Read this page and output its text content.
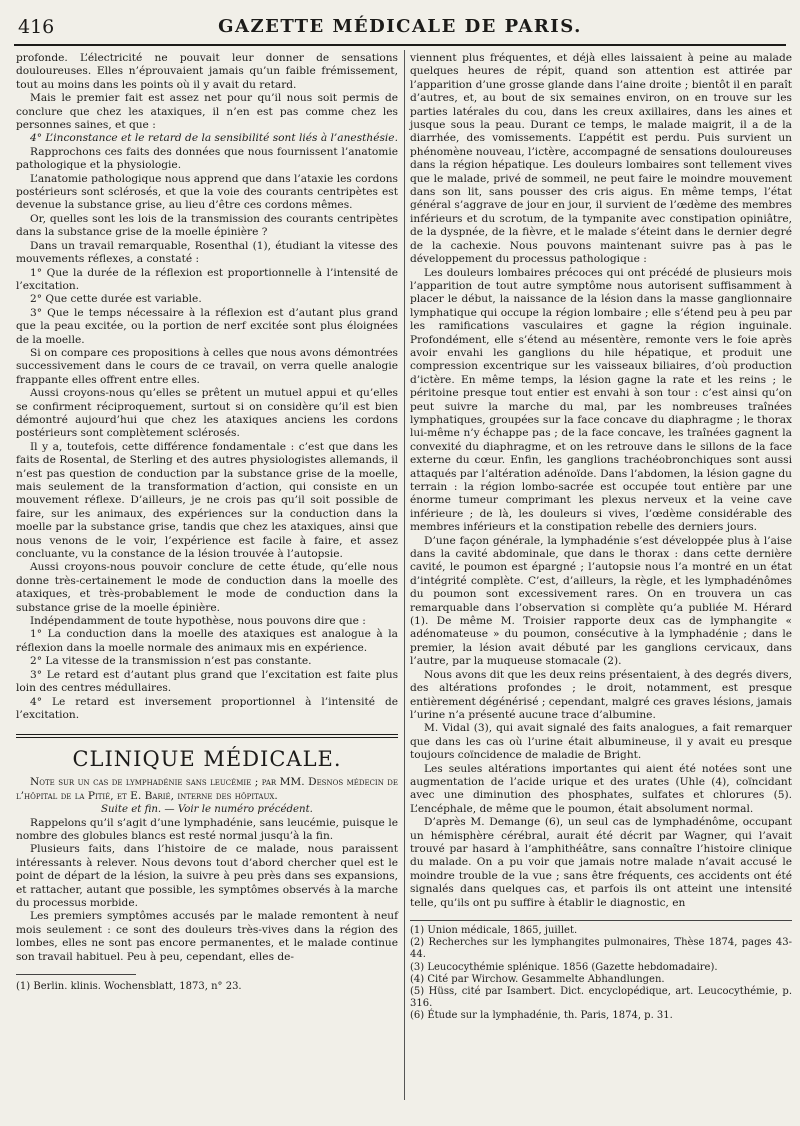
416	GAZETTE MÉDICALE DE PARIS.

profonde. L’électricité ne pouvait leur donner de sensations douloureuses. Elles n’éprouvaient jamais qu’un faible frémissement, tout au moins dans les points où il y avait du retard.

Mais le premier fait est assez net pour qu’il nous soit permis de conclure que chez les ataxiques, il n’en est pas comme chez les personnes saines, et que :

4° L’inconstance et le retard de la sensibilité sont liés à l’anesthésie.

Rapprochons ces faits des données que nous fournissent l’anatomie pathologique et la physiologie.

L’anatomie pathologique nous apprend que dans l’ataxie les cordons postérieurs sont sclérosés, et que la voie des courants centripètes est devenue la substance grise, au lieu d’être ces cordons mêmes.

Or, quelles sont les lois de la transmission des courants centripètes dans la substance grise de la moelle épinière ?

Dans un travail remarquable, Rosenthal (1), étudiant la vitesse des mouvements réflexes, a constaté :

1° Que la durée de la réflexion est proportionnelle à l’intensité de l’excitation.

2° Que cette durée est variable.

3° Que le temps nécessaire à la réflexion est d’autant plus grand que la peau excitée, ou la portion de nerf excitée sont plus éloignées de la moelle.

Si on compare ces propositions à celles que nous avons démontrées successivement dans le cours de ce travail, on verra quelle analogie frappante elles offrent entre elles.

Aussi croyons-nous qu’elles se prêtent un mutuel appui et qu’elles se confirment réciproquement, surtout si on considère qu’il est bien démontré aujourd’hui que chez les ataxiques anciens les cordons postérieurs sont complètement sclérosés.

Il y a, toutefois, cette différence fondamentale : c’est que dans les faits de Rosental, de Sterling et des autres physiologistes allemands, il n’est pas question de conduction par la substance grise de la moelle, mais seulement de la transformation d’action, qui consiste en un mouvement réflexe. D’ailleurs, je ne crois pas qu’il soit possible de faire, sur les animaux, des expériences sur la conduction dans la moelle par la substance grise, tandis que chez les ataxiques, ainsi que nous venons de le voir, l’expérience est facile à faire, et assez concluante, vu la constance de la lésion trouvée à l’autopsie.

Aussi croyons-nous pouvoir conclure de cette étude, qu’elle nous donne très-certainement le mode de conduction dans la moelle des ataxiques, et très-probablement le mode de conduction dans la substance grise de la moelle épinière.

Indépendamment de toute hypothèse, nous pouvons dire que :

1° La conduction dans la moelle des ataxiques est analogue à la réflexion dans la moelle normale des animaux mis en expérience.

2° La vitesse de la transmission n’est pas constante.

3° Le retard est d’autant plus grand que l’excitation est faite plus loin des centres médullaires.

4° Le retard est inversement proportionnel à l’intensité de l’excitation.

CLINIQUE MÉDICALE.

Note sur un cas de lymphadénie sans leucémie ; par MM. Desnos médecin de l’hôpital de la Pitié, et E. Barié, interne des hôpitaux.

Suite et fin. — Voir le numéro précédent.

Rappelons qu’il s’agit d’une lymphadénie, sans leucémie, puisque le nombre des globules blancs est resté normal jusqu’à la fin.

Plusieurs faits, dans l’histoire de ce malade, nous paraissent intéressants à relever. Nous devons tout d’abord chercher quel est le point de départ de la lésion, la suivre à peu près dans ses expansions, et rattacher, autant que possible, les symptômes observés à la marche du processus morbide.

Les premiers symptômes accusés par le malade remontent à neuf mois seulement : ce sont des douleurs très-vives dans la région des lombes, elles ne sont pas encore permanentes, et le malade continue son travail habituel. Peu à peu, cependant, elles de-

(1) Berlin. klinis. Wochensblatt, 1873, n° 23.

viennent plus fréquentes, et déjà elles laissaient à peine au malade quelques heures de répit, quand son attention est attirée par l’apparition d’une grosse glande dans l’aine droite ; bientôt il en paraît d’autres, et, au bout de six semaines environ, on en trouve sur les parties latérales du cou, dans les creux axillaires, dans les aines et jusque sous la peau. Durant ce temps, le malade maigrit, il a de la diarrhée, des vomissements. L’appétit est perdu. Puis survient un phénomène nouveau, l’ictère, accompagné de sensations douloureuses dans la région hépatique. Les douleurs lombaires sont tellement vives que le malade, privé de sommeil, ne peut faire le moindre mouvement dans son lit, sans pousser des cris aigus. En même temps, l’état général s’aggrave de jour en jour, il survient de l’œdème des membres inférieurs et du scrotum, de la tympanite avec constipation opiniâtre, de la dyspnée, de la fièvre, et le malade s’éteint dans le dernier degré de la cachexie. Nous pouvons maintenant suivre pas à pas le développement du processus pathologique :

Les douleurs lombaires précoces qui ont précédé de plusieurs mois l’apparition de tout autre symptôme nous autorisent suffisamment à placer le début, la naissance de la lésion dans la masse ganglionnaire lymphatique qui occupe la région lombaire ; elle s’étend peu à peu par les ramifications vasculaires et gagne la région inguinale. Profondément, elle s’étend au mésentère, remonte vers le foie après avoir envahi les ganglions du hile hépatique, et produit une compression excentrique sur les vaisseaux biliaires, d’où production d’ictère. En même temps, la lésion gagne la rate et les reins ; le péritoine presque tout entier est envahi à son tour : c’est ainsi qu’on peut suivre la marche du mal, par les nombreuses traînées lymphatiques, groupées sur la face concave du diaphragme ; le thorax lui-même n’y échappe pas ; de la face concave, les traînées gagnent la convexité du diaphragme, et on les retrouve dans le sillons de la face externe du cœur. Enfin, les ganglions trachéobronchiques sont aussi attaqués par l’altération adénoïde. Dans l’abdomen, la lésion gagne du terrain : la région lombo-sacrée est occupée tout entière par une énorme tumeur comprimant les plexus nerveux et la veine cave inférieure ; de là, les douleurs si vives, l’œdème considérable des membres inférieurs et la constipation rebelle des derniers jours.

D’une façon générale, la lymphadénie s’est développée plus à l’aise dans la cavité abdominale, que dans le thorax : dans cette dernière cavité, le poumon est épargné ; l’autopsie nous l’a montré en un état d’intégrité complète. C’est, d’ailleurs, la règle, et les lymphadénômes du poumon sont excessivement rares. On en trouvera un cas remarquable dans l’observation si complète qu’a publiée M. Hérard (1). De même M. Troisier rapporte deux cas de lymphangite « adénomateuse » du poumon, consécutive à la lymphadénie ; dans le premier, la lésion avait débuté par les ganglions cervicaux, dans l’autre, par la muqueuse stomacale (2).

Nous avons dit que les deux reins présentaient, à des degrés divers, des altérations profondes ; le droit, notamment, est presque entièrement dégénérisé ; cependant, malgré ces graves lésions, jamais l’urine n’a présenté aucune trace d’albumine.

M. Vidal (3), qui avait signalé des faits analogues, a fait remarquer que dans les cas où l’urine était albumineuse, il y avait eu presque toujours coïncidence de maladie de Bright.

Les seules altérations importantes qui aient été notées sont une augmentation de l’acide urique et des urates (Uhle (4), coïncidant avec une diminution des phosphates, sulfates et chlorures (5). L’encéphale, de même que le poumon, était absolument normal.

D’après M. Demange (6), un seul cas de lymphadénôme, occupant un hémisphère cérébral, aurait été décrit par Wagner, qui l’avait trouvé par hasard à l’amphithéâtre, sans connaître l’histoire clinique du malade. On a pu voir que jamais notre malade n’avait accusé le moindre trouble de la vue ; sans être fréquents, ces accidents ont été signalés dans quelques cas, et parfois ils ont atteint une intensité telle, qu’ils ont pu suffire à établir le diagnostic, en

(1) Union médicale, 1865, juillet.

(2) Recherches sur les lymphangites pulmonaires, Thèse 1874, pages 43-44.

(3) Leucocythémie splénique. 1856 (Gazette hebdomadaire).

(4) Cité par Wirchow. Gesammelte Abhandlungen.

(5) Hüss, cité par Isambert. Dict. encyclopédique, art. Leucocythémie, p. 316.

(6) Étude sur la lymphadénie, th. Paris, 1874, p. 31.
